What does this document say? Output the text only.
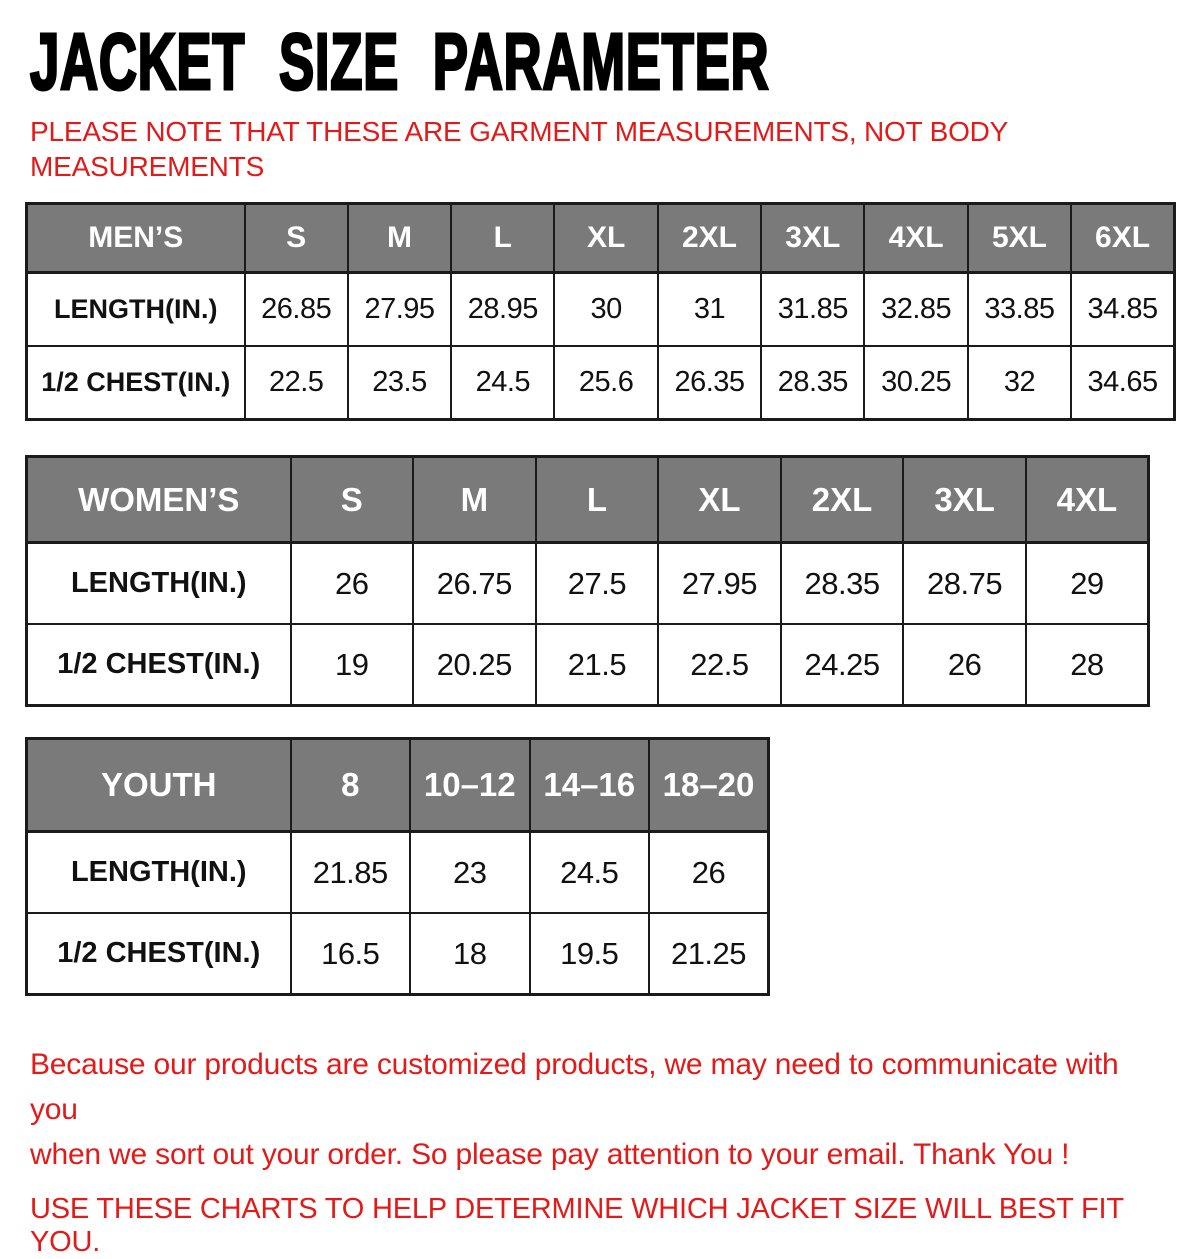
JACKET SIZE PARAMETER
PLEASE NOTE THAT THESE ARE GARMENT MEASUREMENTS, NOT BODY
MEASUREMENTS
MEN’S	S	M	L	XL	2XL	3XL	4XL	5XL	6XL
LENGTH(IN.)	26.85	27.95	28.95	30	31	31.85	32.85	33.85	34.85
1/2 CHEST(IN.)	22.5	23.5	24.5	25.6	26.35	28.35	30.25	32	34.65
WOMEN’S	S	M	L	XL	2XL	3XL	4XL
LENGTH(IN.)	26	26.75	27.5	27.95	28.35	28.75	29
1/2 CHEST(IN.)	19	20.25	21.5	22.5	24.25	26	28
YOUTH	8	10–12	14–16	18–20
LENGTH(IN.)	21.85	23	24.5	26
1/2 CHEST(IN.)	16.5	18	19.5	21.25

Because our products are customized products, we may need to communicate with you
when we sort out your order. So please pay attention to your email. Thank You !

USE THESE CHARTS TO HELP DETERMINE WHICH JACKET SIZE WILL BEST FIT YOU.
